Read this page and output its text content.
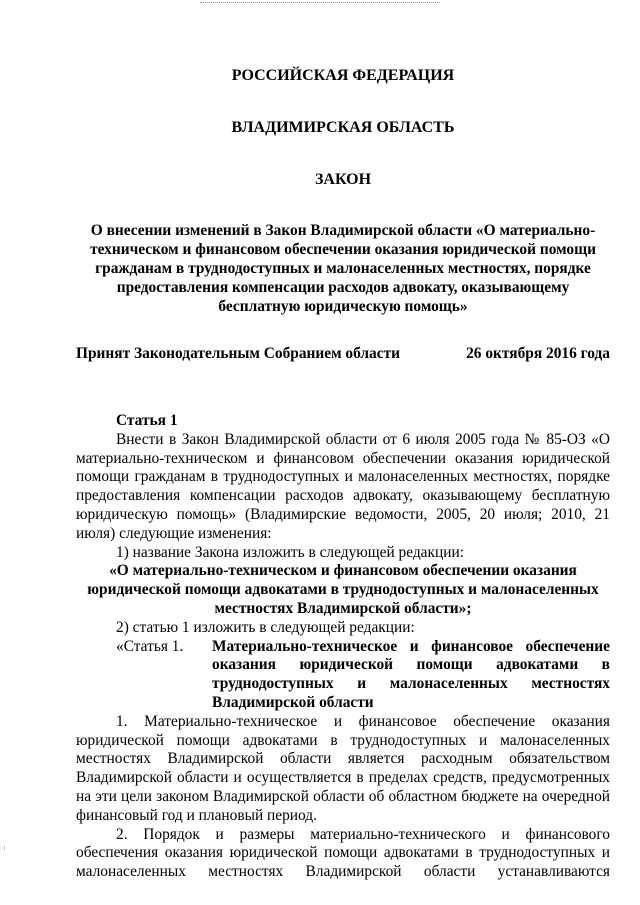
РОССИЙСКАЯ ФЕДЕРАЦИЯ
ВЛАДИМИРСКАЯ ОБЛАСТЬ
ЗАКОН
О внесении изменений в Закон Владимирской области «О материально-техническом и финансовом обеспечении оказания юридической помощи гражданам в труднодоступных и малонаселенных местностях, порядке предоставления компенсации расходов адвокату, оказывающему бесплатную юридическую помощь»
Принят Законодательным Собранием области	26 октября 2016 года

Статья 1

Внести в Закон Владимирской области от 6 июля 2005 года № 85-ОЗ «О материально-техническом и финансовом обеспечении оказания юридической помощи гражданам в труднодоступных и малонаселенных местностях, порядке предоставления компенсации расходов адвокату, оказывающему бесплатную юридическую помощь» (Владимирские ведомости, 2005, 20 июля; 2010, 21 июля) следующие изменения:

1) название Закона изложить в следующей редакции:

«О материально-техническом и финансовом обеспечении оказания юридической помощи адвокатами в труднодоступных и малонаселенных местностях Владимирской области»;

2) статью 1 изложить в следующей редакции:

«Статья 1.	Материально-техническое и финансовое обеспечение оказания юридической помощи адвокатами в труднодоступных и малонаселенных местностях Владимирской области

1. Материально-техническое и финансовое обеспечение оказания юридической помощи адвокатами в труднодоступных и малонаселенных местностях Владимирской области является расходным обязательством Владимирской области и осуществляется в пределах средств, предусмотренных на эти цели законом Владимирской области об областном бюджете на очередной финансовый год и плановый период.

2. Порядок и размеры материально-технического и финансового обеспечения оказания юридической помощи адвокатами в труднодоступных и малонаселенных местностях Владимирской области устанавливаются
